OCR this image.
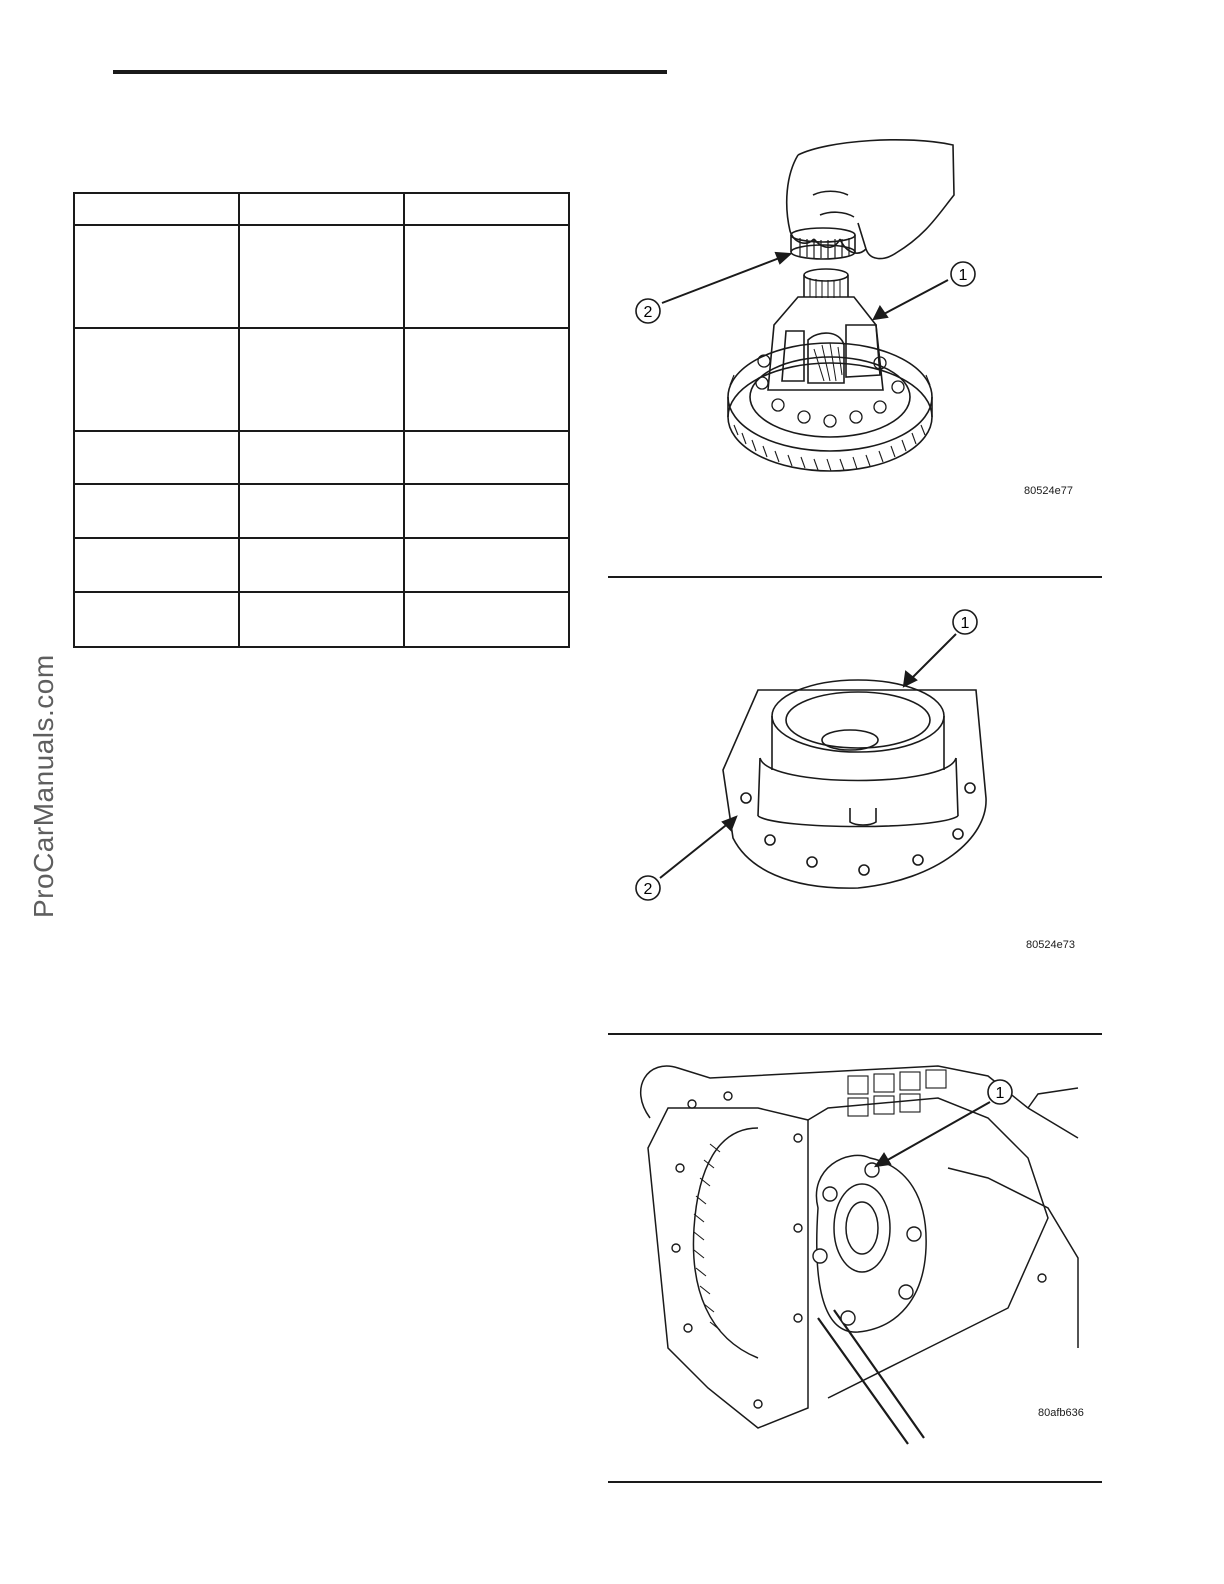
ProCarManuals.com
2
1
80524e77
1
2
80524e73
1
80afb636
